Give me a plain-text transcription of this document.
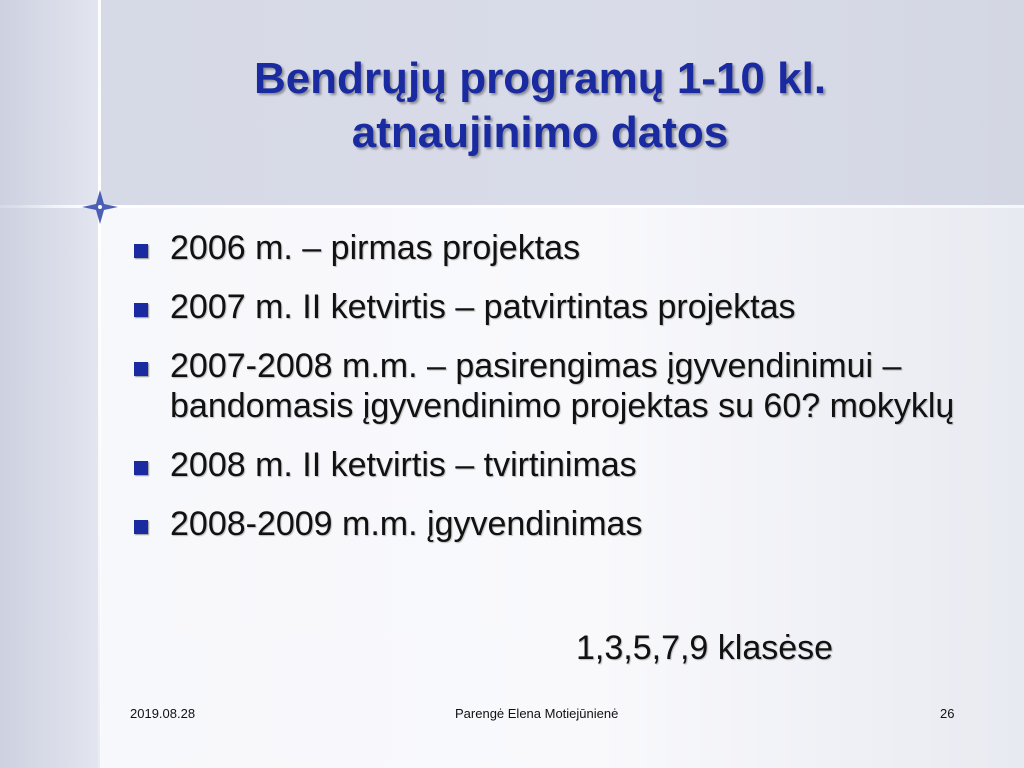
Bendrųjų programų 1-10 kl.
atnaujinimo datos
2006 m. – pirmas projektas
2007 m. II ketvirtis – patvirtintas projektas
2007-2008 m.m. – pasirengimas įgyvendinimui – bandomasis įgyvendinimo projektas su 60? mokyklų
2008 m. II ketvirtis – tvirtinimas
2008-2009 m.m. įgyvendinimas
1,3,5,7,9 klasėse
2019.08.28	Parengė Elena Motiejūnienė	26
